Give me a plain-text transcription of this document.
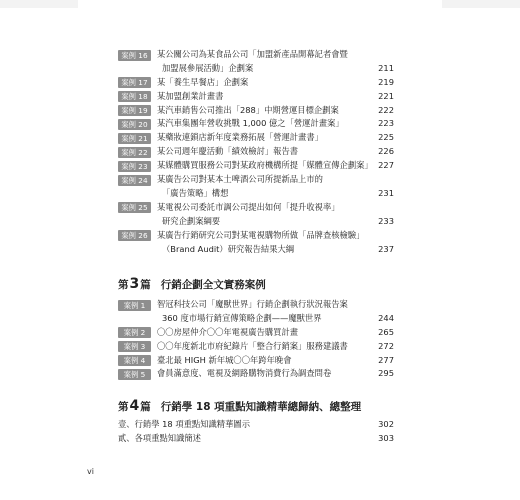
案例 16	某公關公司為某食品公司「加盟新產品開幕記者會暨
加盟展參展活動」企劃案	211
案例 17	某「養生早餐店」企劃案	219
案例 18	某加盟創業計畫書	221
案例 19	某汽車銷售公司推出「288」中期營運目標企劃案	222
案例 20	某汽車集團年營收挑戰 1,000 億之「營運計畫案」	223
案例 21	某藥妝連鎖店新年度業務拓展「營運計畫書」	225
案例 22	某公司週年慶活動「績效檢討」報告書	226
案例 23	某媒體購買服務公司對某政府機構所提「媒體宣傳企劃案」 227
案例 24	某廣告公司對某本土啤酒公司所提新品上市的
「廣告策略」構想	231
案例 25	某電視公司委託市調公司提出如何「提升收視率」
研究企劃案綱要	233
案例 26	某廣告行銷研究公司對某電視購物所做「品牌查核檢驗」
（Brand Audit）研究報告結果大綱	237
第3篇 行銷企劃全文實務案例
案例 1	智冠科技公司「魔獸世界」行銷企劃執行狀況報告案
360 度市場行銷宣傳策略企劃——魔獸世界	244
案例 2	〇〇房屋仲介〇〇年電視廣告購買計畫	265
案例 3	〇〇年度新北市府紀錄片「整合行銷案」服務建議書	272
案例 4	臺北最 HIGH 新年城〇〇年跨年晚會	277
案例 5	會員滿意度、電視及網路購物消費行為調查問卷	295
第4篇 行銷學 18 項重點知識精華總歸納、總整理
壹、行銷學 18 項重點知識精華圖示	302
貳、各項重點知識簡述	303
vi
